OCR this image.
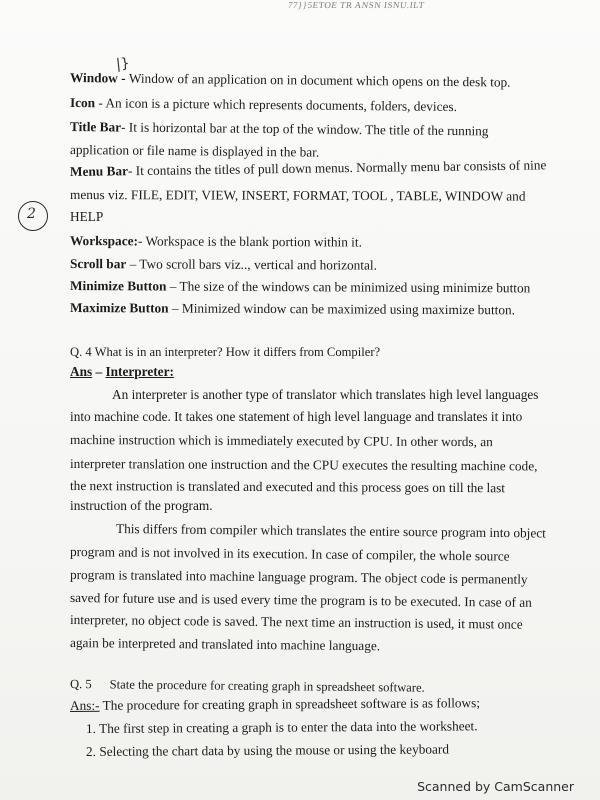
77}}5ETOE TR ANSN ISNU.ILT
|}
2
Window - Window of an application on in document which opens on the desk top.
Icon - An icon is a picture which represents documents, folders, devices.
Title Bar- It is horizontal bar at the top of the window. The title of the running
application or file name is displayed in the bar.
Menu Bar- It contains the titles of pull down menus. Normally menu bar consists of nine
menus viz. FILE, EDIT, VIEW, INSERT, FORMAT, TOOL , TABLE, WINDOW and
HELP
Workspace:- Workspace is the blank portion within it.
Scroll bar – Two scroll bars viz.., vertical and horizontal.
Minimize Button – The size of the windows can be minimized using minimize button
Maximize Button – Minimized window can be maximized using maximize button.
Q. 4 What is in an interpreter? How it differs from Compiler?
Ans – Interpreter:
An interpreter is another type of translator which translates high level languages
into machine code. It takes one statement of high level language and translates it into
machine instruction which is immediately executed by CPU. In other words, an
interpreter translation one instruction and the CPU executes the resulting machine code,
the next instruction is translated and executed and this process goes on till the last
instruction of the program.
This differs from compiler which translates the entire source program into object
program and is not involved in its execution. In case of compiler, the whole source
program is translated into machine language program. The object code is permanently
saved for future use and is used every time the program is to be executed. In case of an
interpreter, no object code is saved. The next time an instruction is used, it must once
again be interpreted and translated into machine language.
Q. 5 State the procedure for creating graph in spreadsheet software.
Ans:- The procedure for creating graph in spreadsheet software is as follows;
1. The first step in creating a graph is to enter the data into the worksheet.
2. Selecting the chart data by using the mouse or using the keyboard
Scanned by CamScanner
